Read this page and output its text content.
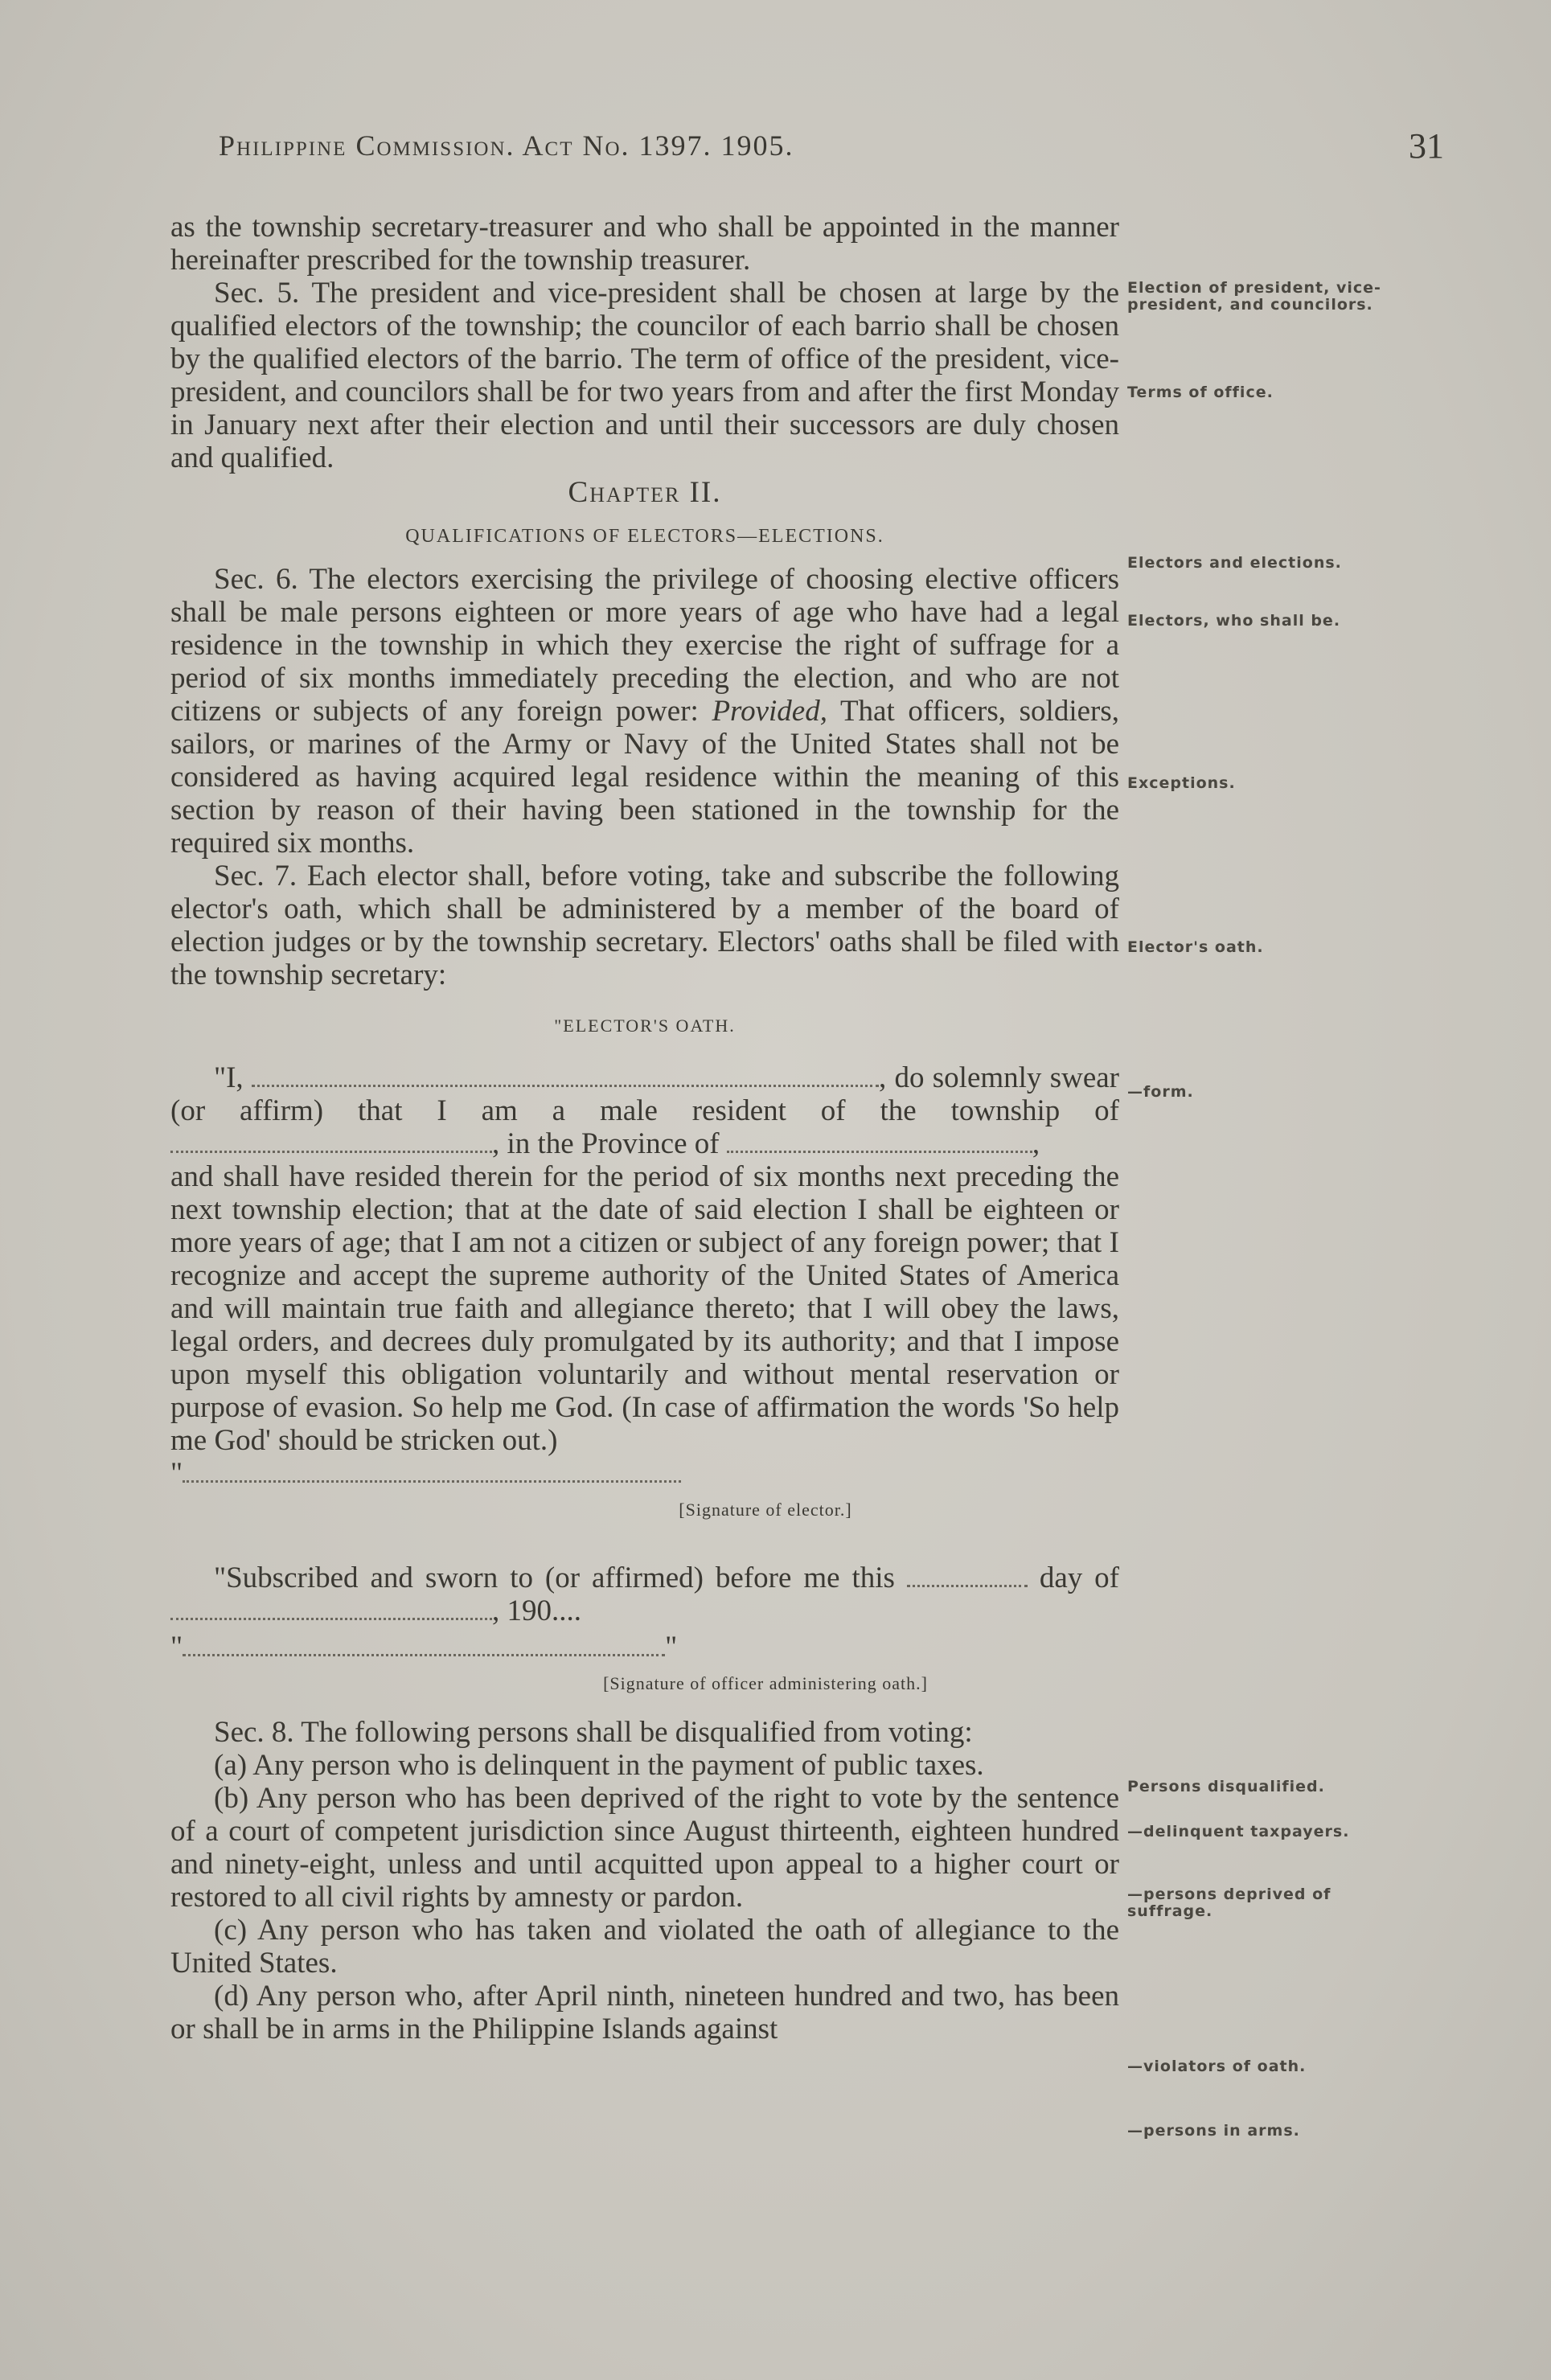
Philippine Commission. Act No. 1397. 1905.	31

as the township secretary-treasurer and who shall be appointed in the manner hereinafter prescribed for the township treasurer.

Sec. 5. The president and vice-president shall be chosen at large by the qualified electors of the township; the councilor of each barrio shall be chosen by the qualified electors of the barrio. The term of office of the president, vice-president, and councilors shall be for two years from and after the first Monday in January next after their election and until their successors are duly chosen and qualified.

Chapter II.

QUALIFICATIONS OF ELECTORS—ELECTIONS.

Sec. 6. The electors exercising the privilege of choosing elective officers shall be male persons eighteen or more years of age who have had a legal residence in the township in which they exercise the right of suffrage for a period of six months immediately preceding the election, and who are not citizens or subjects of any foreign power: Provided, That officers, soldiers, sailors, or marines of the Army or Navy of the United States shall not be considered as having acquired legal residence within the meaning of this section by reason of their having been stationed in the township for the required six months.

Sec. 7. Each elector shall, before voting, take and subscribe the following elector's oath, which shall be administered by a member of the board of election judges or by the township secretary. Electors' oaths shall be filed with the township secretary:

"ELECTOR'S OATH.

"I,	, do solemnly swear (or affirm) that I am a male resident of the township of , in the Province of	,

and shall have resided therein for the period of six months next preceding the next township election; that at the date of said election I shall be eighteen or more years of age; that I am not a citizen or subject of any foreign power; that I recognize and accept the supreme authority of the United States of America and will maintain true faith and allegiance thereto; that I will obey the laws, legal orders, and decrees duly promulgated by its authority; and that I impose upon myself this obligation voluntarily and without mental reservation or purpose of evasion. So help me God. (In case of affirmation the words 'So help me God' should be stricken out.)

"

[Signature of elector.]

"Subscribed and sworn to (or affirmed) before me this	day of , 190....

"	"

[Signature of officer administering oath.]

Sec. 8. The following persons shall be disqualified from voting:

(a) Any person who is delinquent in the payment of public taxes.

(b) Any person who has been deprived of the right to vote by the sentence of a court of competent jurisdiction since August thirteenth, eighteen hundred and ninety-eight, unless and until acquitted upon appeal to a higher court or restored to all civil rights by amnesty or pardon.

(c) Any person who has taken and violated the oath of allegiance to the United States.

(d) Any person who, after April ninth, nineteen hundred and two, has been or shall be in arms in the Philippine Islands against

Election of president, vice-president, and councilors.
Terms of office.
Electors and elections.
Electors, who shall be.
Exceptions.
Elector's oath.
—form.
Persons disqualified.
—delinquent taxpayers.
—persons deprived of suffrage.
—violators of oath.
—persons in arms.
